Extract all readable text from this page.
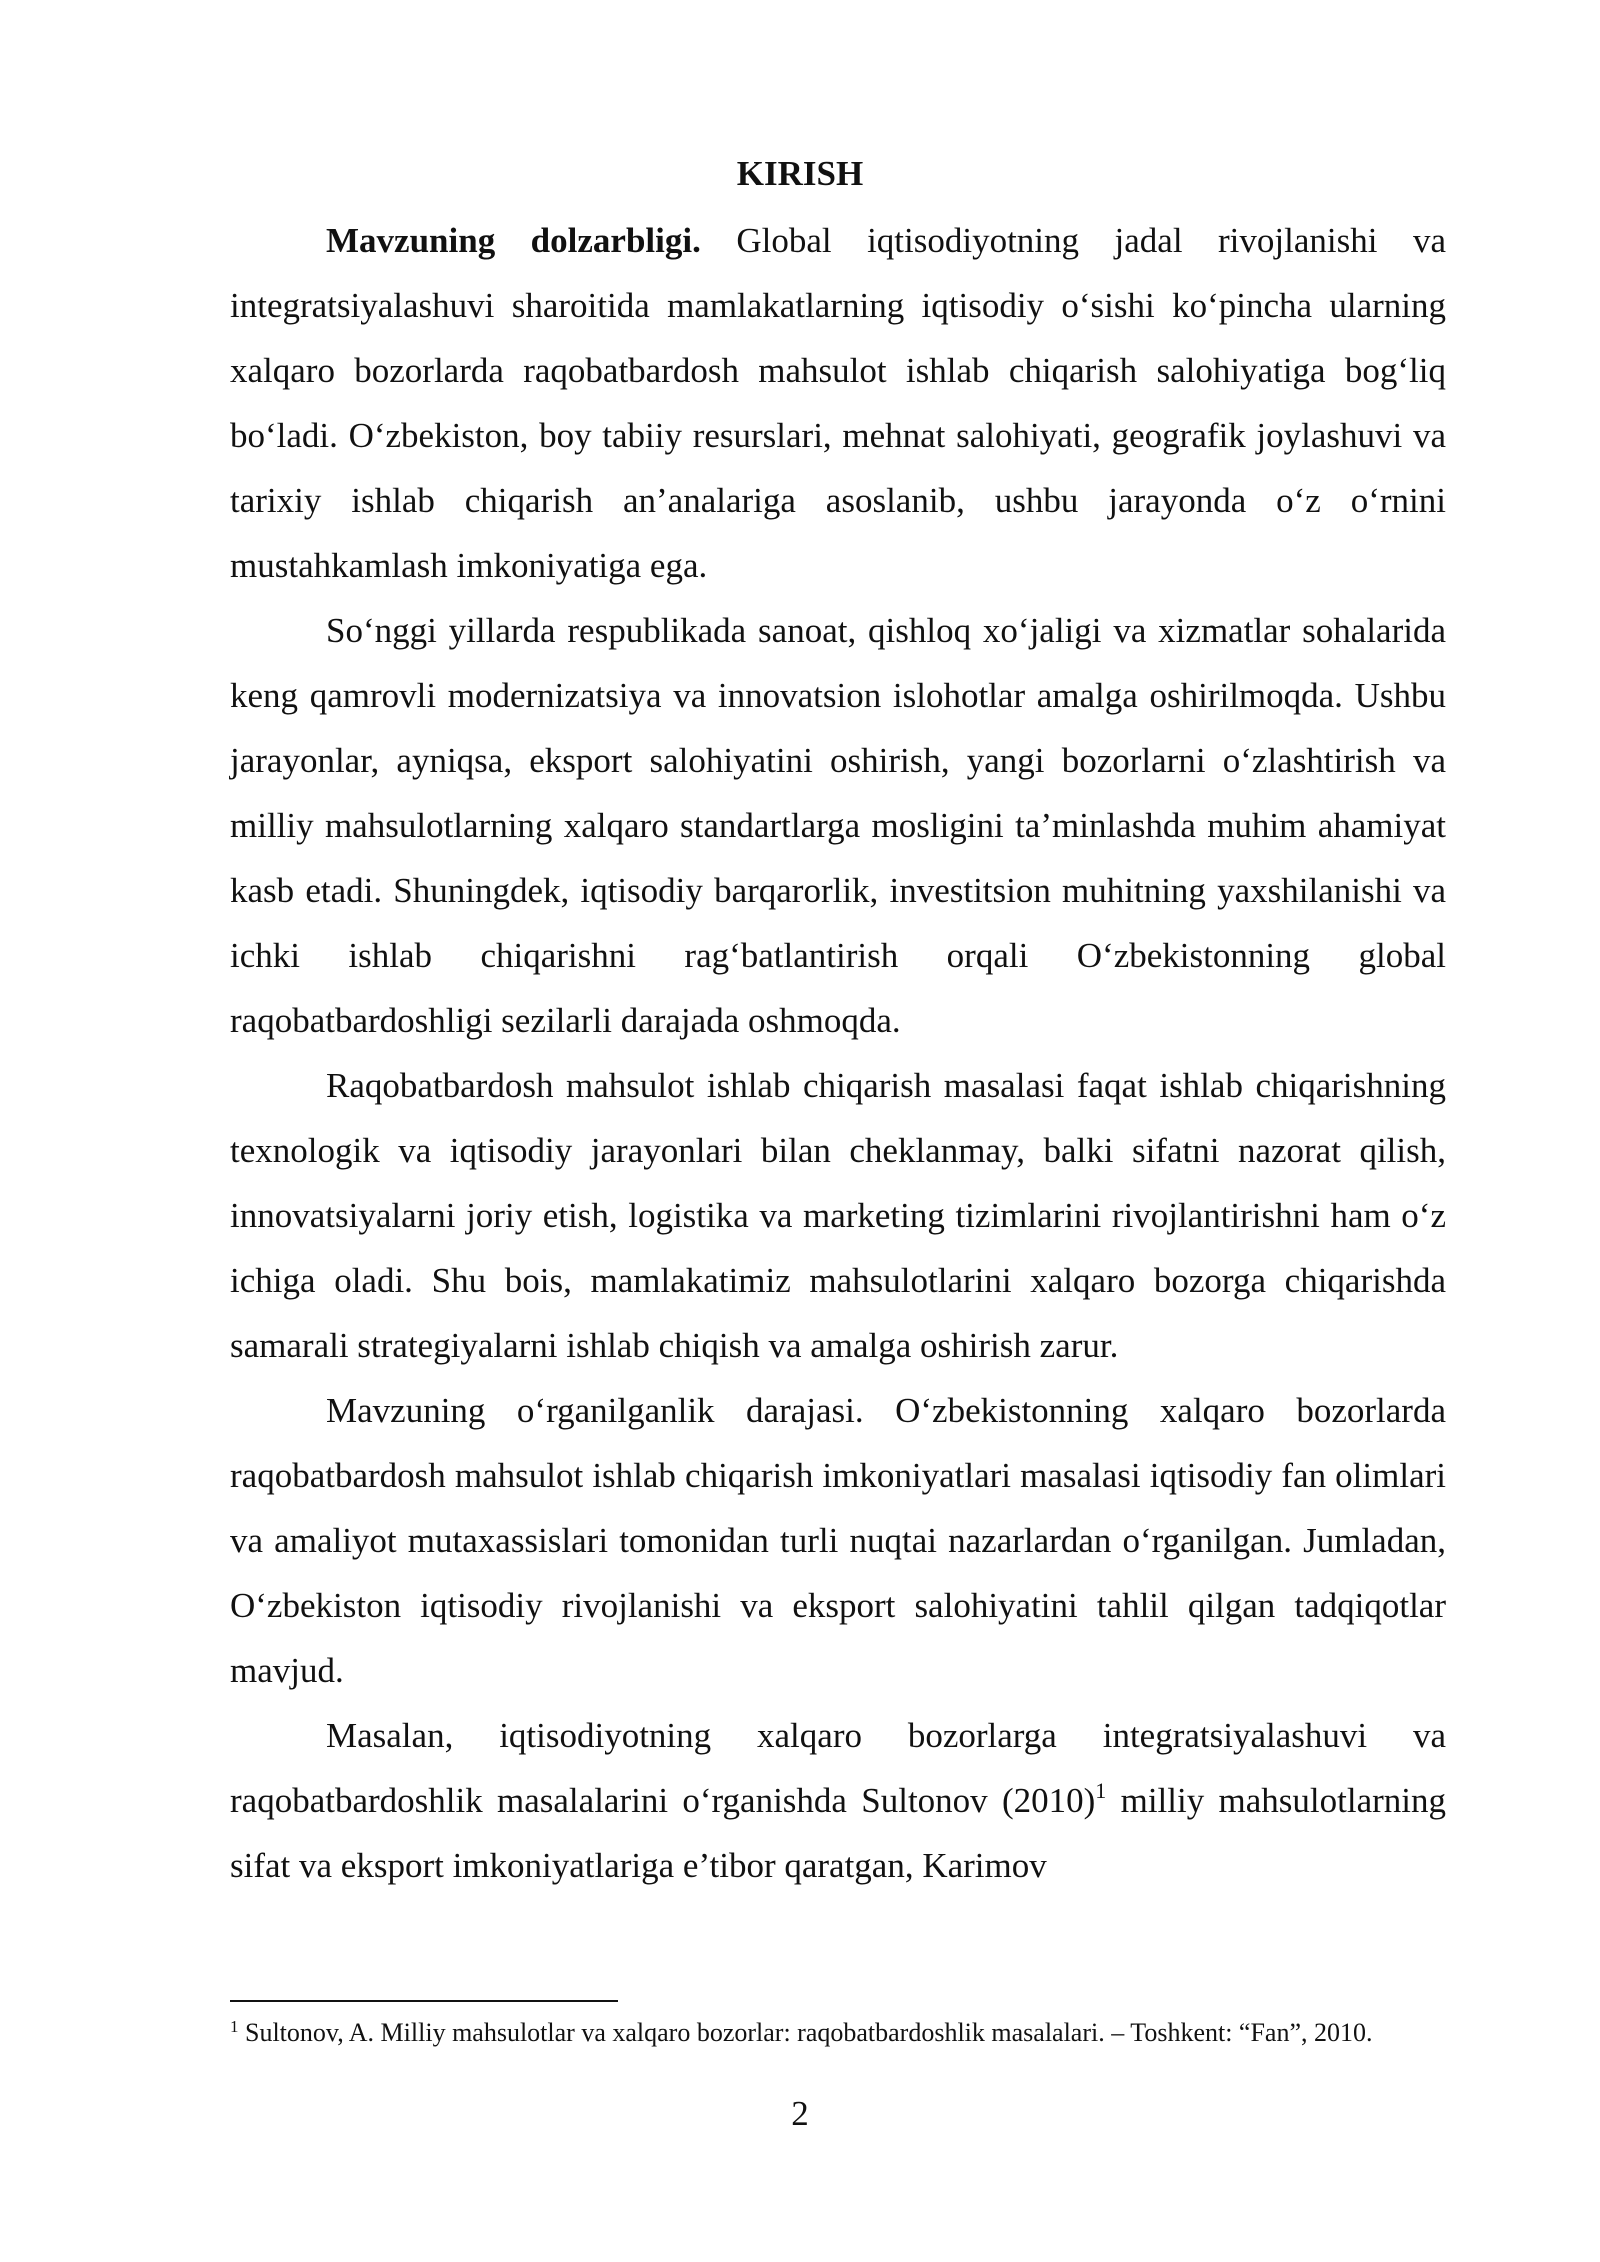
KIRISH

Mavzuning dolzarbligi. Global iqtisodiyotning jadal rivojlanishi va integratsiyalashuvi sharoitida mamlakatlarning iqtisodiy o‘sishi ko‘pincha ularning xalqaro bozorlarda raqobatbardosh mahsulot ishlab chiqarish salohiyatiga bog‘liq bo‘ladi. O‘zbekiston, boy tabiiy resurslari, mehnat salohiyati, geografik joylashuvi va tarixiy ishlab chiqarish an’analariga asoslanib, ushbu jarayonda o‘z o‘rnini mustahkamlash imkoniyatiga ega.

So‘nggi yillarda respublikada sanoat, qishloq xo‘jaligi va xizmatlar sohalarida keng qamrovli modernizatsiya va innovatsion islohotlar amalga oshirilmoqda. Ushbu jarayonlar, ayniqsa, eksport salohiyatini oshirish, yangi bozorlarni o‘zlashtirish va milliy mahsulotlarning xalqaro standartlarga mosligini ta’minlashda muhim ahamiyat kasb etadi. Shuningdek, iqtisodiy barqarorlik, investitsion muhitning yaxshilanishi va ichki ishlab chiqarishni rag‘batlantirish orqali O‘zbekistonning global raqobatbardoshligi sezilarli darajada oshmoqda.

Raqobatbardosh mahsulot ishlab chiqarish masalasi faqat ishlab chiqarishning texnologik va iqtisodiy jarayonlari bilan cheklanmay, balki sifatni nazorat qilish, innovatsiyalarni joriy etish, logistika va marketing tizimlarini rivojlantirishni ham o‘z ichiga oladi. Shu bois, mamlakatimiz mahsulotlarini xalqaro bozorga chiqarishda samarali strategiyalarni ishlab chiqish va amalga oshirish zarur.

Mavzuning o‘rganilganlik darajasi. O‘zbekistonning xalqaro bozorlarda raqobatbardosh mahsulot ishlab chiqarish imkoniyatlari masalasi iqtisodiy fan olimlari va amaliyot mutaxassislari tomonidan turli nuqtai nazarlardan o‘rganilgan. Jumladan, O‘zbekiston iqtisodiy rivojlanishi va eksport salohiyatini tahlil qilgan tadqiqotlar mavjud.

Masalan, iqtisodiyotning xalqaro bozorlarga integratsiyalashuvi va raqobatbardoshlik masalalarini o‘rganishda Sultonov (2010)$^1$ milliy mahsulotlarning sifat va eksport imkoniyatlariga e’tibor qaratgan, Karimov

$^1$ Sultonov, A. Milliy mahsulotlar va xalqaro bozorlar: raqobatbardoshlik masalalari. – Toshkent: “Fan”, 2010.

2
